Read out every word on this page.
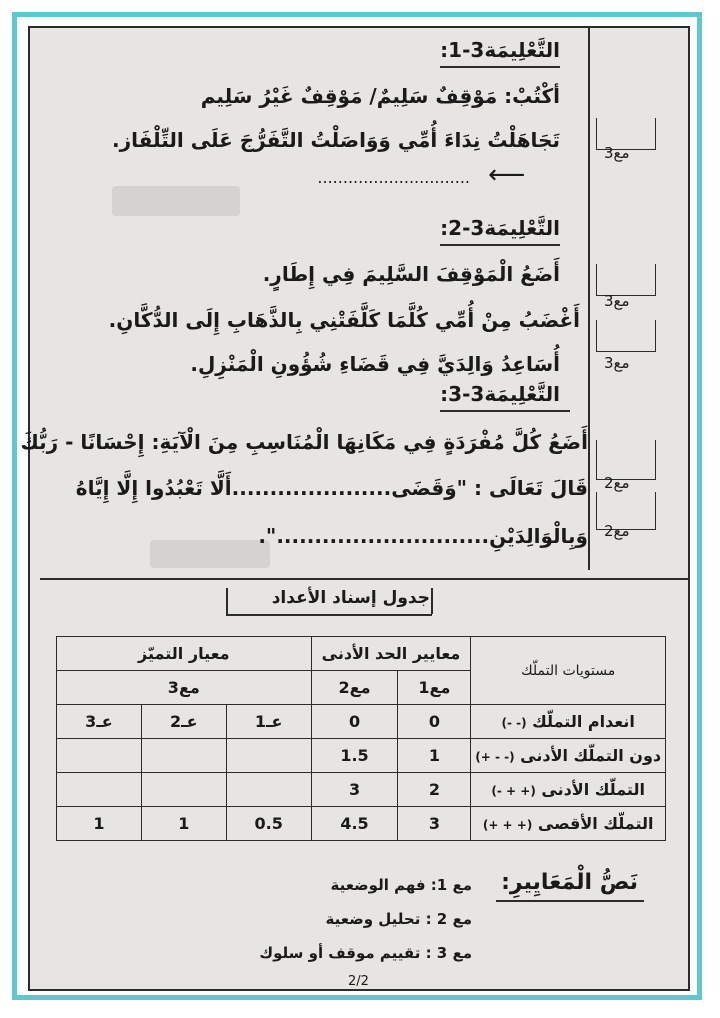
التَّعْلِيمَة3-1:
أكْتُبْ: مَوْقِفٌ سَلِيمٌ/ مَوْقِفٌ غَيْرُ سَلِيم
تَجَاهَلْتُ نِدَاءَ أُمِّي وَوَاصَلْتُ التَّفَرُّجَ عَلَى التِّلْفَاز.
.............................. ⟵
التَّعْلِيمَة3-2:
أَضَعُ الْمَوْقِفَ السَّلِيمَ فِي إِطَارٍ.
أَغْضَبُ مِنْ أُمِّي كُلَّمَا كَلَّفَتْنِي بِالذَّهَابِ إِلَى الدُّكَّانِ.
أُسَاعِدُ وَالِدَيَّ فِي قَضَاءِ شُؤُونِ الْمَنْزِلِ.
التَّعْلِيمَة3-3:
أَضَعُ كُلَّ مُفْرَدَةٍ فِي مَكَانِهَا الْمُنَاسِبِ مِنَ الْآيَةِ: إِحْسَانًا - رَبُّكَ
قَالَ تَعَالَى : "وَقَضَى.....................أَلَّا تَعْبُدُوا إِلَّا إِيَّاهُ
وَبِالْوَالِدَيْنِ............................".
مع3
مع3
مع3
مع2
مع2
جدول إسناد الأعداد
مستويات التملّك	معايير الحد الأدنى		معيار التميّز		
	مع1	مع2	مع3		
انعدام التملّك (- -)	0	0	عـ1	عـ2	عـ3
دون التملّك الأدنى (- - +)	1	1.5			
التملّك الأدنى (+ + -)	2	3			
التملّك الأقصى (+ + +)	3	4.5	0.5	1	1
نَصُّ الْمَعَايِيرِ:
مع 1: فهم الوضعية
مع 2 : تحليل وضعية
مع 3 : تقييم موقف أو سلوك
2/2
